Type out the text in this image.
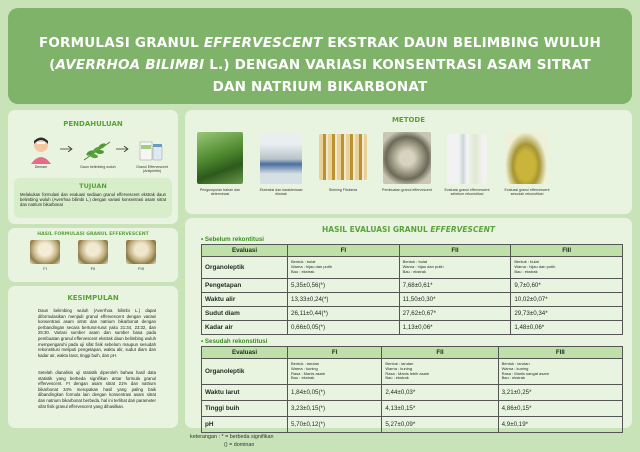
FORMULASI GRANUL EFFERVESCENT EKSTRAK DAUN BELIMBING WULUH
(AVERRHOA BILIMBI L.) DENGAN VARIASI KONSENTRASI ASAM SITRAT
DAN NATRIUM BIKARBONAT
PENDAHULUAN
Demam	Daun belimbing wuluh	Granul Effervescent (Antipiretik)
TUJUAN
Melakukan formulasi dan evaluasi sediaan granul effervescent ekstrak daun belimbing wuluh (Averrhoa bilimbi L.) dengan variasi konsentrasi asam sitrat dan natrium bikarbonat
HASIL FORMULASI GRANUL EFFERVESCENT
FI	FII	FIII
KESIMPULAN
Daun belimbing wuluh (Averrhoa bilimbi L.) dapat diformulasikan menjadi granul effervescent dengan variasi konsentrasi asam sitrat dan natrium bikarbonat dengan perbandingan secara berturut-turut yaitu 21:34, 23:32, dan 25:30. Variasi sumber asam dan sumber basa pada pembuatan granul effervescent ekstrak daun belimbing wuluh mempengaruhi pada uji sifat fisik sebelum maupun sesudah rekonstitusi meliputi pengetapan, waktu alir, sudut diam dan kadar air, waktu larut, tinggi buih, dan pH.
Setelah dianalisis uji statistik diperoleh bahwa hasil data statistik yang berbeda signifikan antar formula granul effervescent. FI dengan asam sitrat 21% dan natrium bikarbonat 34% merupakan hasil yang paling baik dibandingkan formula lain dengan konsentrasi asam sitrat dan natrium bikarbonat berbeda, hal ini terlihat dari parameter sifat fisik granul effervescent yang dihasilkan.
METODE
Pengumpulan bahan dan determinasi
Ekstraksi dan karakterisasi ekstrak
Skrining Fitokimia	Pembuatan granul effervescent	Evaluasi granul effervescent sebelum rekonstitusi
Evaluasi granul effervescent sesudah rekonstitusi
HASIL EVALUASI GRANUL EFFERVESCENT
• Sebelum rekontitusi
Evaluasi	FI	FII	FIII
Organoleptik	Bentuk : bulat
Warna : hijau dan putih
Bau : ekstrak	Bentuk : bulat
Warna : hijau dan putih
Bau : ekstrak	Bentuk : bulat
Warna : hijau dan putih
Bau : ekstrak
Pengetapan	5,35±0,56(*)	7,68±0,61*	9,7±0,60*
Waktu alir	13,33±0,24(*)	11,50±0,30*	10,02±0,07*
Sudut diam	26,11±0,44(*)	27,62±0,67*	29,73±0,34*
Kadar air	0,66±0,05(*)	1,13±0,06*	1,48±0,06*
• Sesudah rekonstitusi
Evaluasi	FI	FII	FIII
Organoleptik	Bentuk : larutan
Warna : kuning
Rasa : Manis asam
Bau : ekstrak	Bentuk : larutan
Warna : kuning
Rasa : Manis lebih asam
Bau : ekstrak	Bentuk : larutan
Warna : kuning
Rasa : Manis sangat asam
Bau : ekstrak
Waktu larut	1,84±0,05(*)	2,44±0,03*	3,21±0,25*
Tinggi buih	3,23±0,15(*)	4,13±0,15*	4,86±0,15*
pH	5,70±0,12(*)	5,27±0,09*	4,9±0,19*
keterangan : * = berbeda signifikan
() = dominan
